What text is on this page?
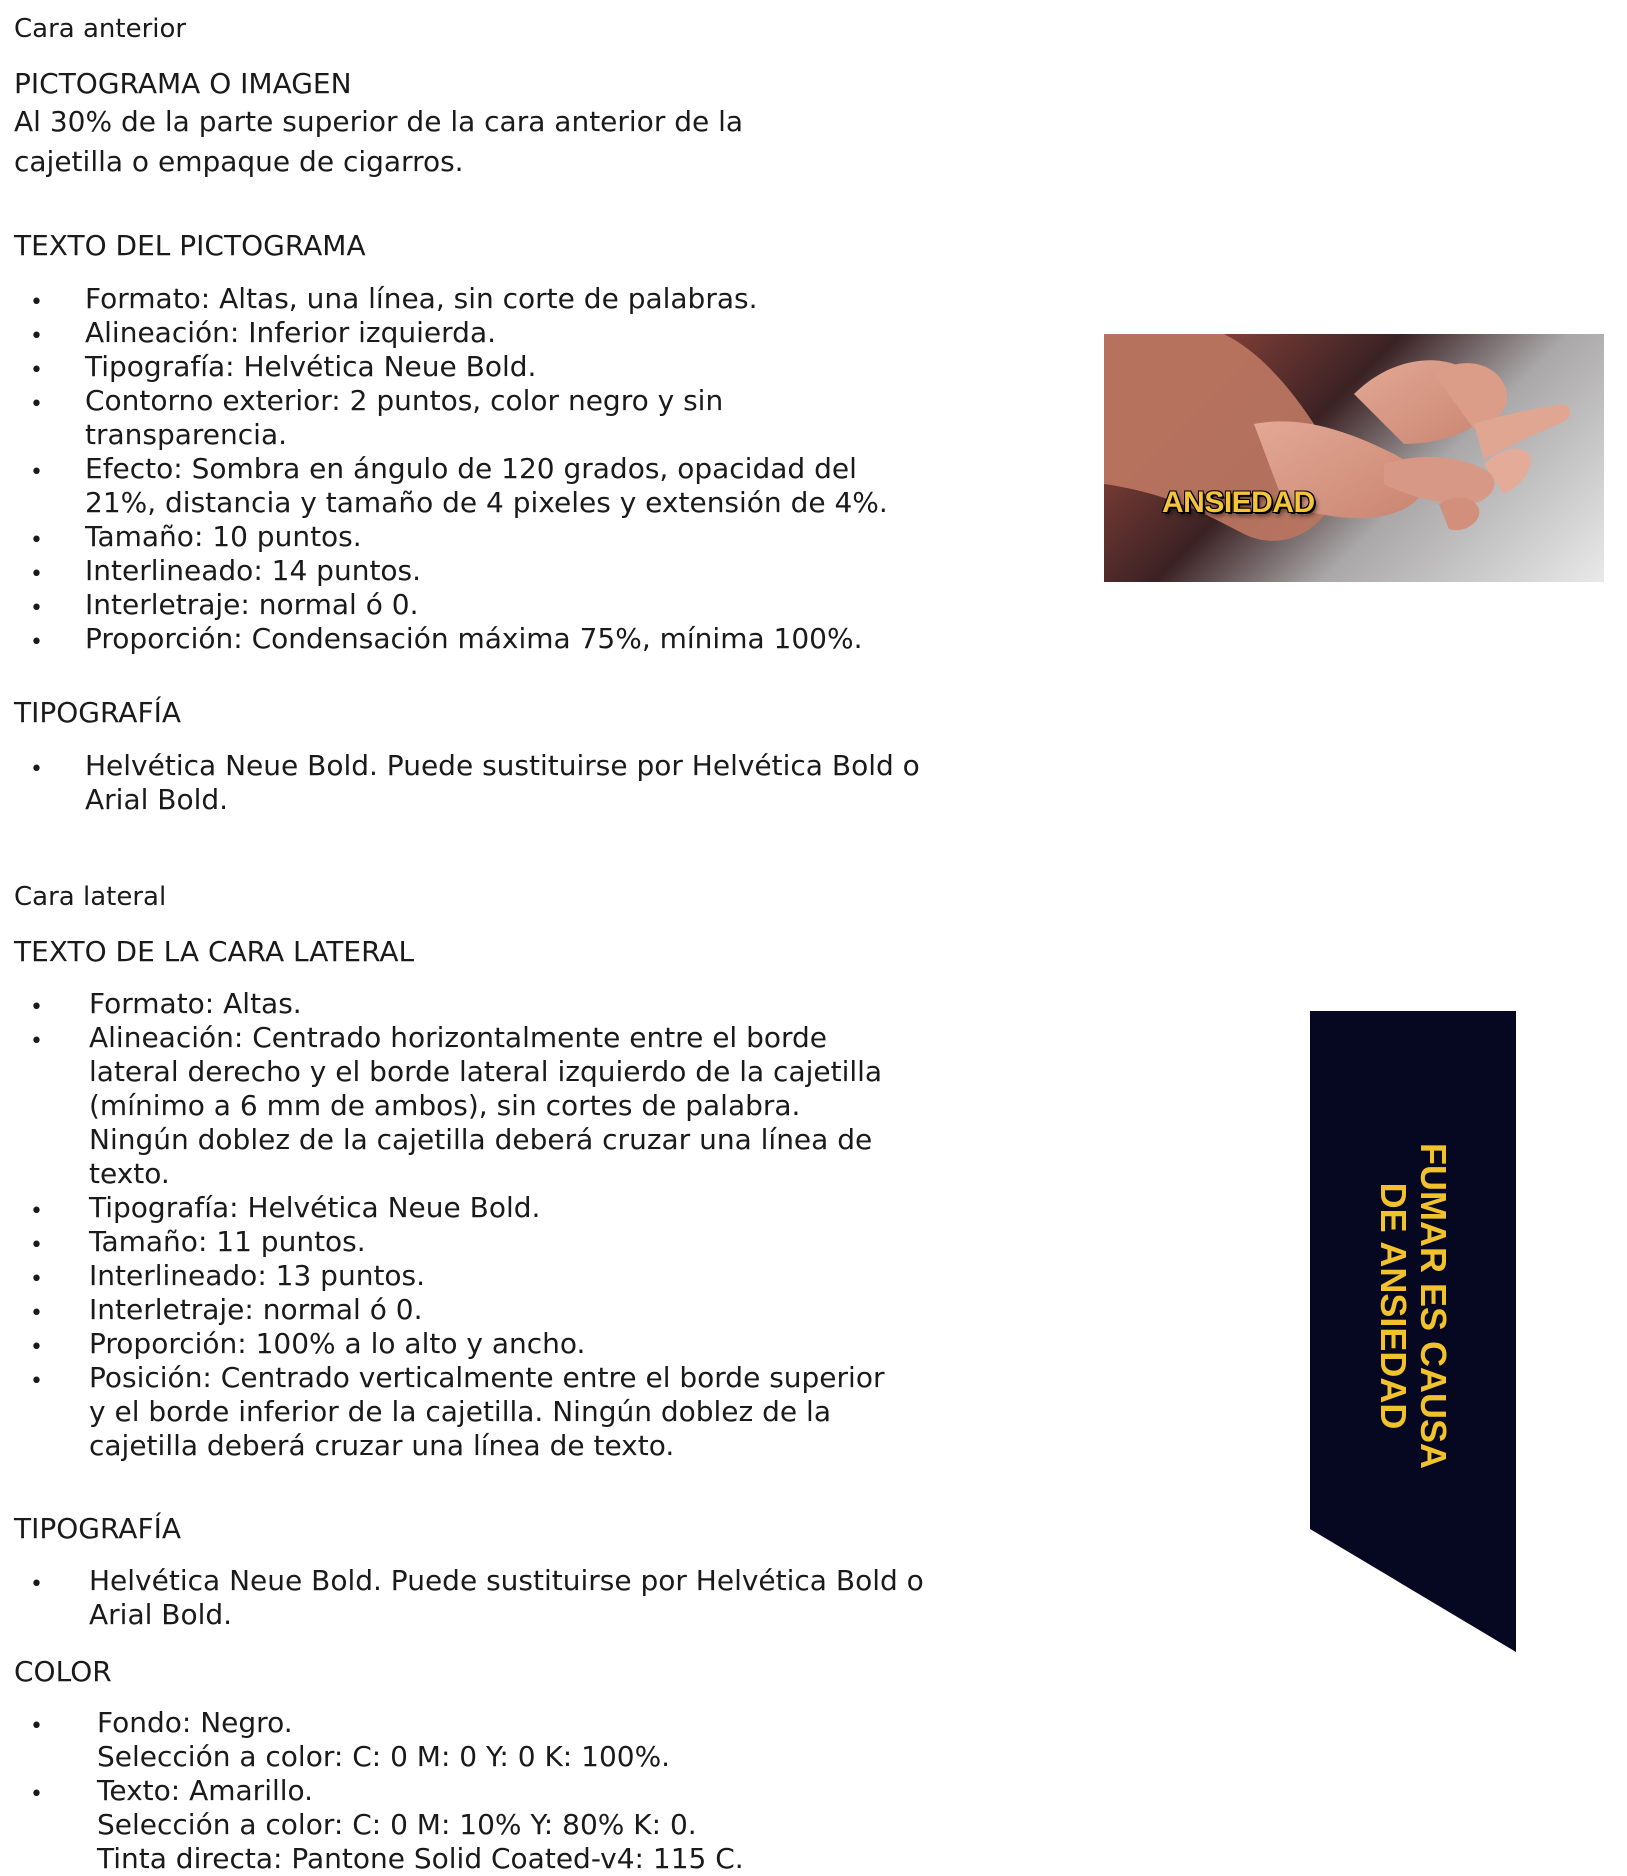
Cara anterior
PICTOGRAMA O IMAGEN
Al 30% de la parte superior de la cara anterior de la
cajetilla o empaque de cigarros.
TEXTO DEL PICTOGRAMA
• Formato: Altas, una línea, sin corte de palabras.
• Alineación: Inferior izquierda.
• Tipografía: Helvética Neue Bold.
• Contorno exterior: 2 puntos, color negro y sin
transparencia.
• Efecto: Sombra en ángulo de 120 grados, opacidad del
21%, distancia y tamaño de 4 pixeles y extensión de 4%.
• Tamaño: 10 puntos.
• Interlineado: 14 puntos.
• Interletraje: normal ó 0.
• Proporción: Condensación máxima 75%, mínima 100%.
TIPOGRAFÍA
• Helvética Neue Bold. Puede sustituirse por Helvética Bold o
Arial Bold.
ANSIEDAD
Cara lateral
TEXTO DE LA CARA LATERAL
• Formato: Altas.
• Alineación: Centrado horizontalmente entre el borde
lateral derecho y el borde lateral izquierdo de la cajetilla
(mínimo a 6 mm de ambos), sin cortes de palabra.
Ningún doblez de la cajetilla deberá cruzar una línea de
texto.
• Tipografía: Helvética Neue Bold.
• Tamaño: 11 puntos.
• Interlineado: 13 puntos.
• Interletraje: normal ó 0.
• Proporción: 100% a lo alto y ancho.
• Posición: Centrado verticalmente entre el borde superior
y el borde inferior de la cajetilla. Ningún doblez de la
cajetilla deberá cruzar una línea de texto.
TIPOGRAFÍA
• Helvética Neue Bold. Puede sustituirse por Helvética Bold o
Arial Bold.
COLOR
• Fondo: Negro.
Selección a color: C: 0 M: 0 Y: 0 K: 100%.
• Texto: Amarillo.
Selección a color: C: 0 M: 10% Y: 80% K: 0.
Tinta directa: Pantone Solid Coated-v4: 115 C.
FUMAR ES CAUSA
DE ANSIEDAD
